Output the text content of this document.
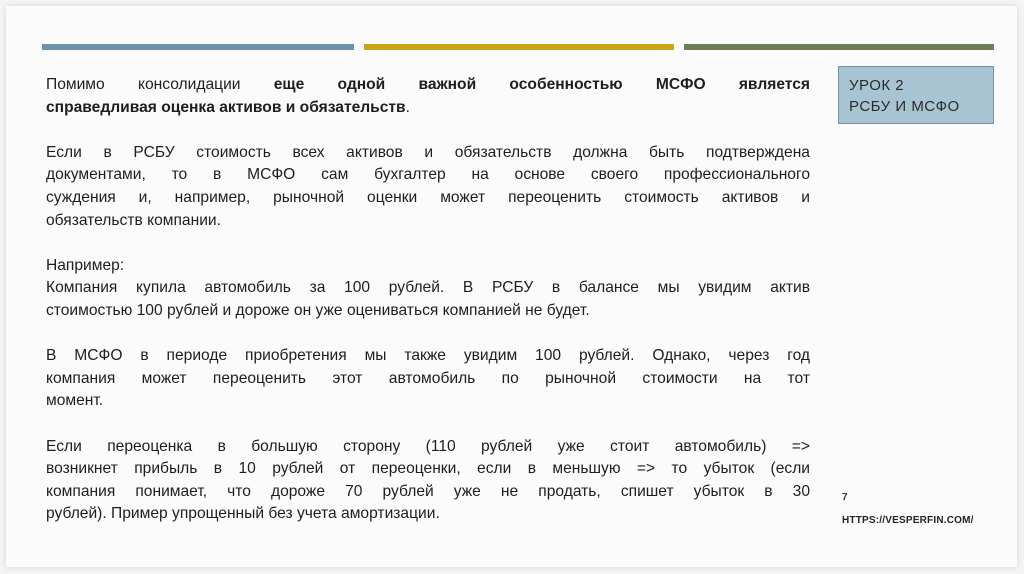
УРОК 2
РСБУ И МСФО

Помимо консолидации еще одной важной особенностью МСФО является
справедливая оценка активов и обязательств.

Если в РСБУ стоимость всех активов и обязательств должна быть подтверждена
документами, то в МСФО сам бухгалтер на основе своего профессионального
суждения и, например, рыночной оценки может переоценить стоимость активов и
обязательств компании.

Например:
Компания купила автомобиль за 100 рублей. В РСБУ в балансе мы увидим актив
стоимостью 100 рублей и дороже он уже оцениваться компанией не будет.

В МСФО в периоде приобретения мы также увидим 100 рублей. Однако, через год
компания может переоценить этот автомобиль по рыночной стоимости на тот
момент.

Если переоценка в большую сторону (110 рублей уже стоит автомобиль) =>
возникнет прибыль в 10 рублей от переоценки, если в меньшую => то убыток (если
компания понимает, что дороже 70 рублей уже не продать, спишет убыток в 30
рублей). Пример упрощенный без учета амортизации.

7
HTTPS://VESPERFIN.COM/
